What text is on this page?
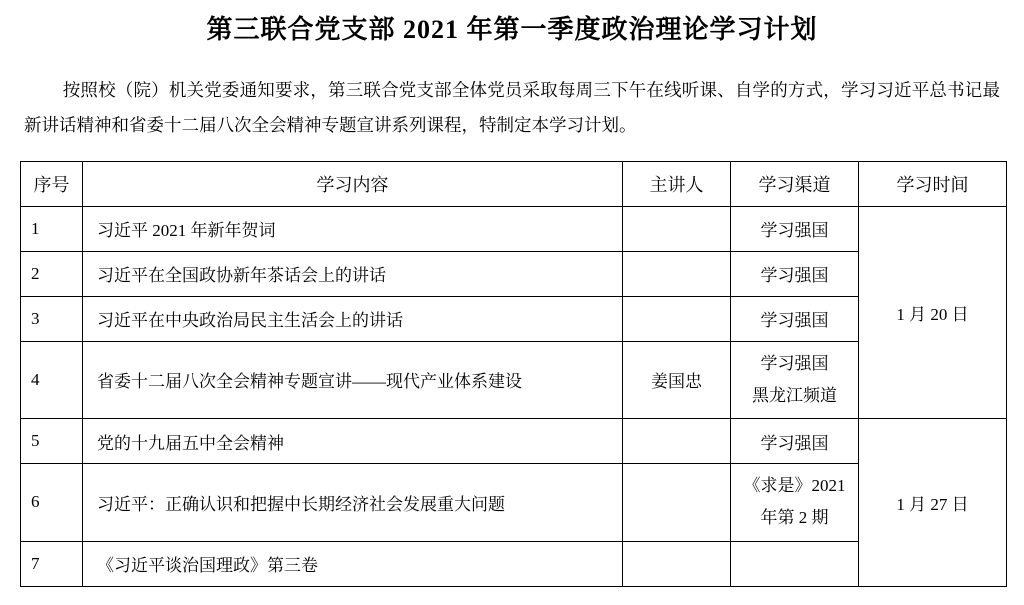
第三联合党支部 2021 年第一季度政治理论学习计划

按照校（院）机关党委通知要求，第三联合党支部全体党员采取每周三下午在线听课、自学的方式，学习习近平总书记最新讲话精神和省委十二届八次全会精神专题宣讲系列课程，特制定本学习计划。

序号	学习内容	主讲人	学习渠道	学习时间
1	习近平 2021 年新年贺词		学习强国	1 月 20 日
2	习近平在全国政协新年茶话会上的讲话		学习强国	
3	习近平在中央政治局民主生活会上的讲话		学习强国	
4	省委十二届八次全会精神专题宣讲——现代产业体系建设	姜国忠	学习强国
黑龙江频道	

5	党的十九届五中全会精神		学习强国	1 月 27 日
6	习近平：正确认识和把握中长期经济社会发展重大问题		《求是》2021
年第 2 期	

7	《习近平谈治国理政》第三卷			
